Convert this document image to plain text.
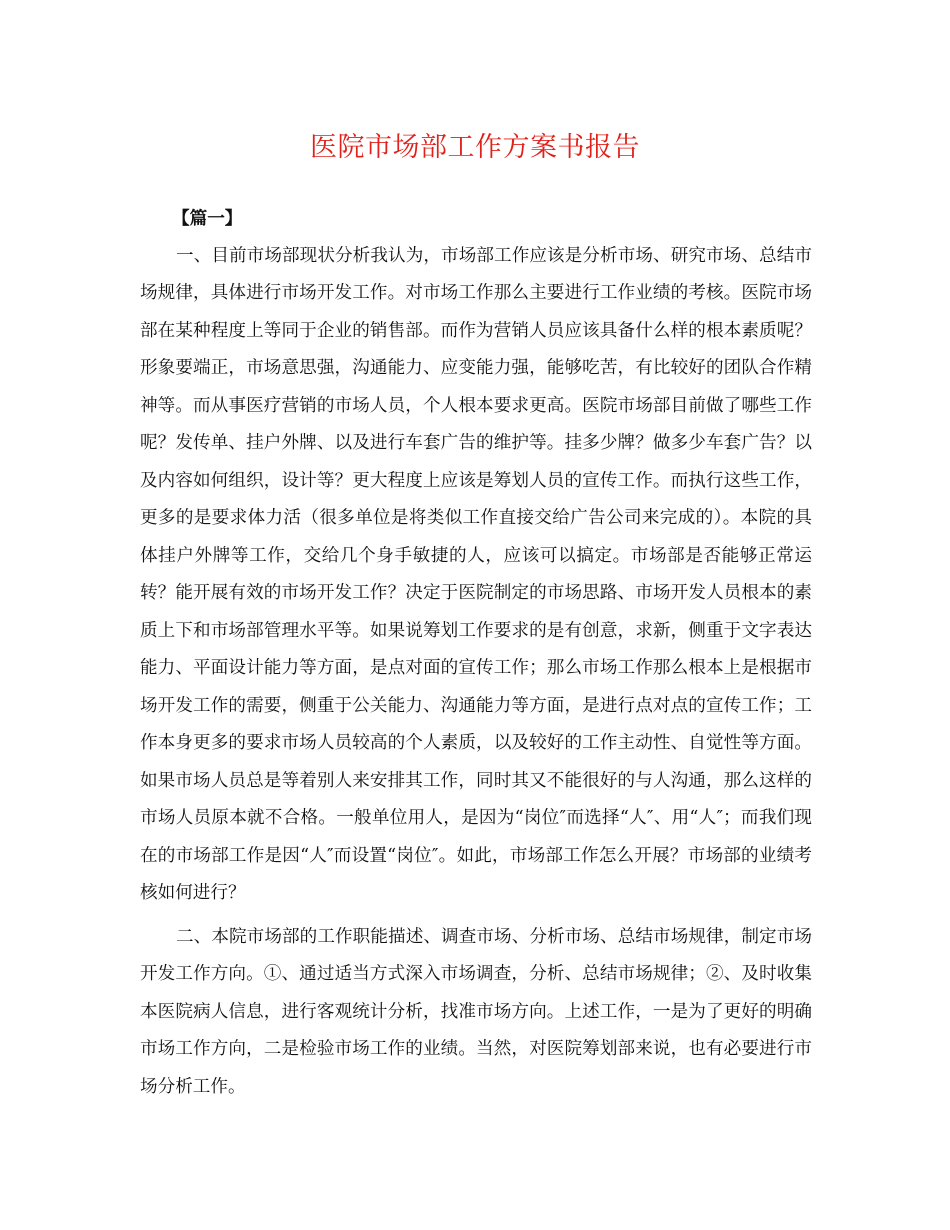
医院市场部工作方案书报告

【篇一】

一、目前市场部现状分析我认为，市场部工作应该是分析市场、研究市场、总结市场规律，具体进行市场开发工作。对市场工作那么主要进行工作业绩的考核。医院市场部在某种程度上等同于企业的销售部。而作为营销人员应该具备什么样的根本素质呢？形象要端正，市场意思强，沟通能力、应变能力强，能够吃苦，有比较好的团队合作精神等。而从事医疗营销的市场人员，个人根本要求更高。医院市场部目前做了哪些工作呢？发传单、挂户外牌、以及进行车套广告的维护等。挂多少牌？做多少车套广告？以及内容如何组织，设计等？更大程度上应该是筹划人员的宣传工作。而执行这些工作，更多的是要求体力活（很多单位是将类似工作直接交给广告公司来完成的）。本院的具体挂户外牌等工作，交给几个身手敏捷的人，应该可以搞定。市场部是否能够正常运转？能开展有效的市场开发工作？决定于医院制定的市场思路、市场开发人员根本的素质上下和市场部管理水平等。如果说筹划工作要求的是有创意，求新，侧重于文字表达能力、平面设计能力等方面，是点对面的宣传工作；那么市场工作那么根本上是根据市场开发工作的需要，侧重于公关能力、沟通能力等方面，是进行点对点的宣传工作；工作本身更多的要求市场人员较高的个人素质，以及较好的工作主动性、自觉性等方面。如果市场人员总是等着别人来安排其工作，同时其又不能很好的与人沟通，那么这样的市场人员原本就不合格。一般单位用人，是因为“岗位″而选择“人″、用“人″；而我们现在的市场部工作是因“人″而设置“岗位″。如此，市场部工作怎么开展？市场部的业绩考核如何进行？

二、本院市场部的工作职能描述、调查市场、分析市场、总结市场规律，制定市场开发工作方向。①、通过适当方式深入市场调查，分析、总结市场规律；②、及时收集本医院病人信息，进行客观统计分析，找准市场方向。上述工作，一是为了更好的明确市场工作方向，二是检验市场工作的业绩。当然，对医院筹划部来说，也有必要进行市场分析工作。
